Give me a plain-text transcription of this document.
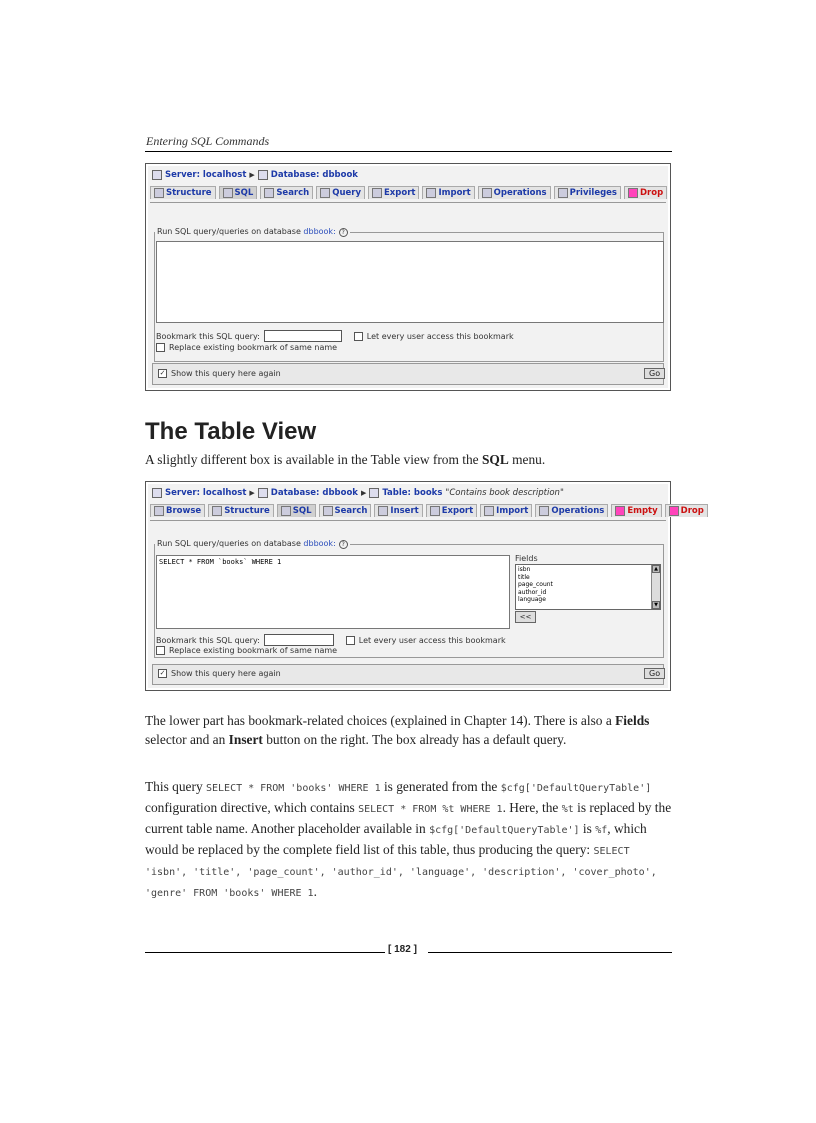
Entering SQL Commands
Server: localhost ▶ Database: dbbook
Structure	SQL	Search	Query	Export	Import	Operations	Privileges	Drop
Run SQL query/queries on database dbbook: ?
Bookmark this SQL query:	Let every user access this bookmark
Replace existing bookmark of same name
✓ Show this query here again	Go
The Table View
A slightly different box is available in the Table view from the SQL menu.
Server: localhost ▶ Database: dbbook ▶ Table: books "Contains book description"
Browse	Structure	SQL	Search	Insert	Export	Import	Operations	Empty	Drop
Run SQL query/queries on database dbbook: ?
SELECT * FROM `books` WHERE 1	Fields
isbn
title
page_count
author_id
language
▲
▼
<<
Bookmark this SQL query:	Let every user access this bookmark
Replace existing bookmark of same name
✓ Show this query here again	Go
The lower part has bookmark-related choices (explained in Chapter 14). There is also a Fields selector and an Insert button on the right. The box already has a default query.
This query SELECT * FROM 'books' WHERE 1 is generated from the $cfg['DefaultQueryTable'] configuration directive, which contains SELECT * FROM %t WHERE 1. Here, the %t is replaced by the current table name. Another placeholder available in $cfg['DefaultQueryTable'] is %f, which would be replaced by the complete field list of this table, thus producing the query: SELECT 'isbn', 'title', 'page_count', 'author_id', 'language', 'description', 'cover_photo', 'genre' FROM 'books' WHERE 1.
[ 182 ]
